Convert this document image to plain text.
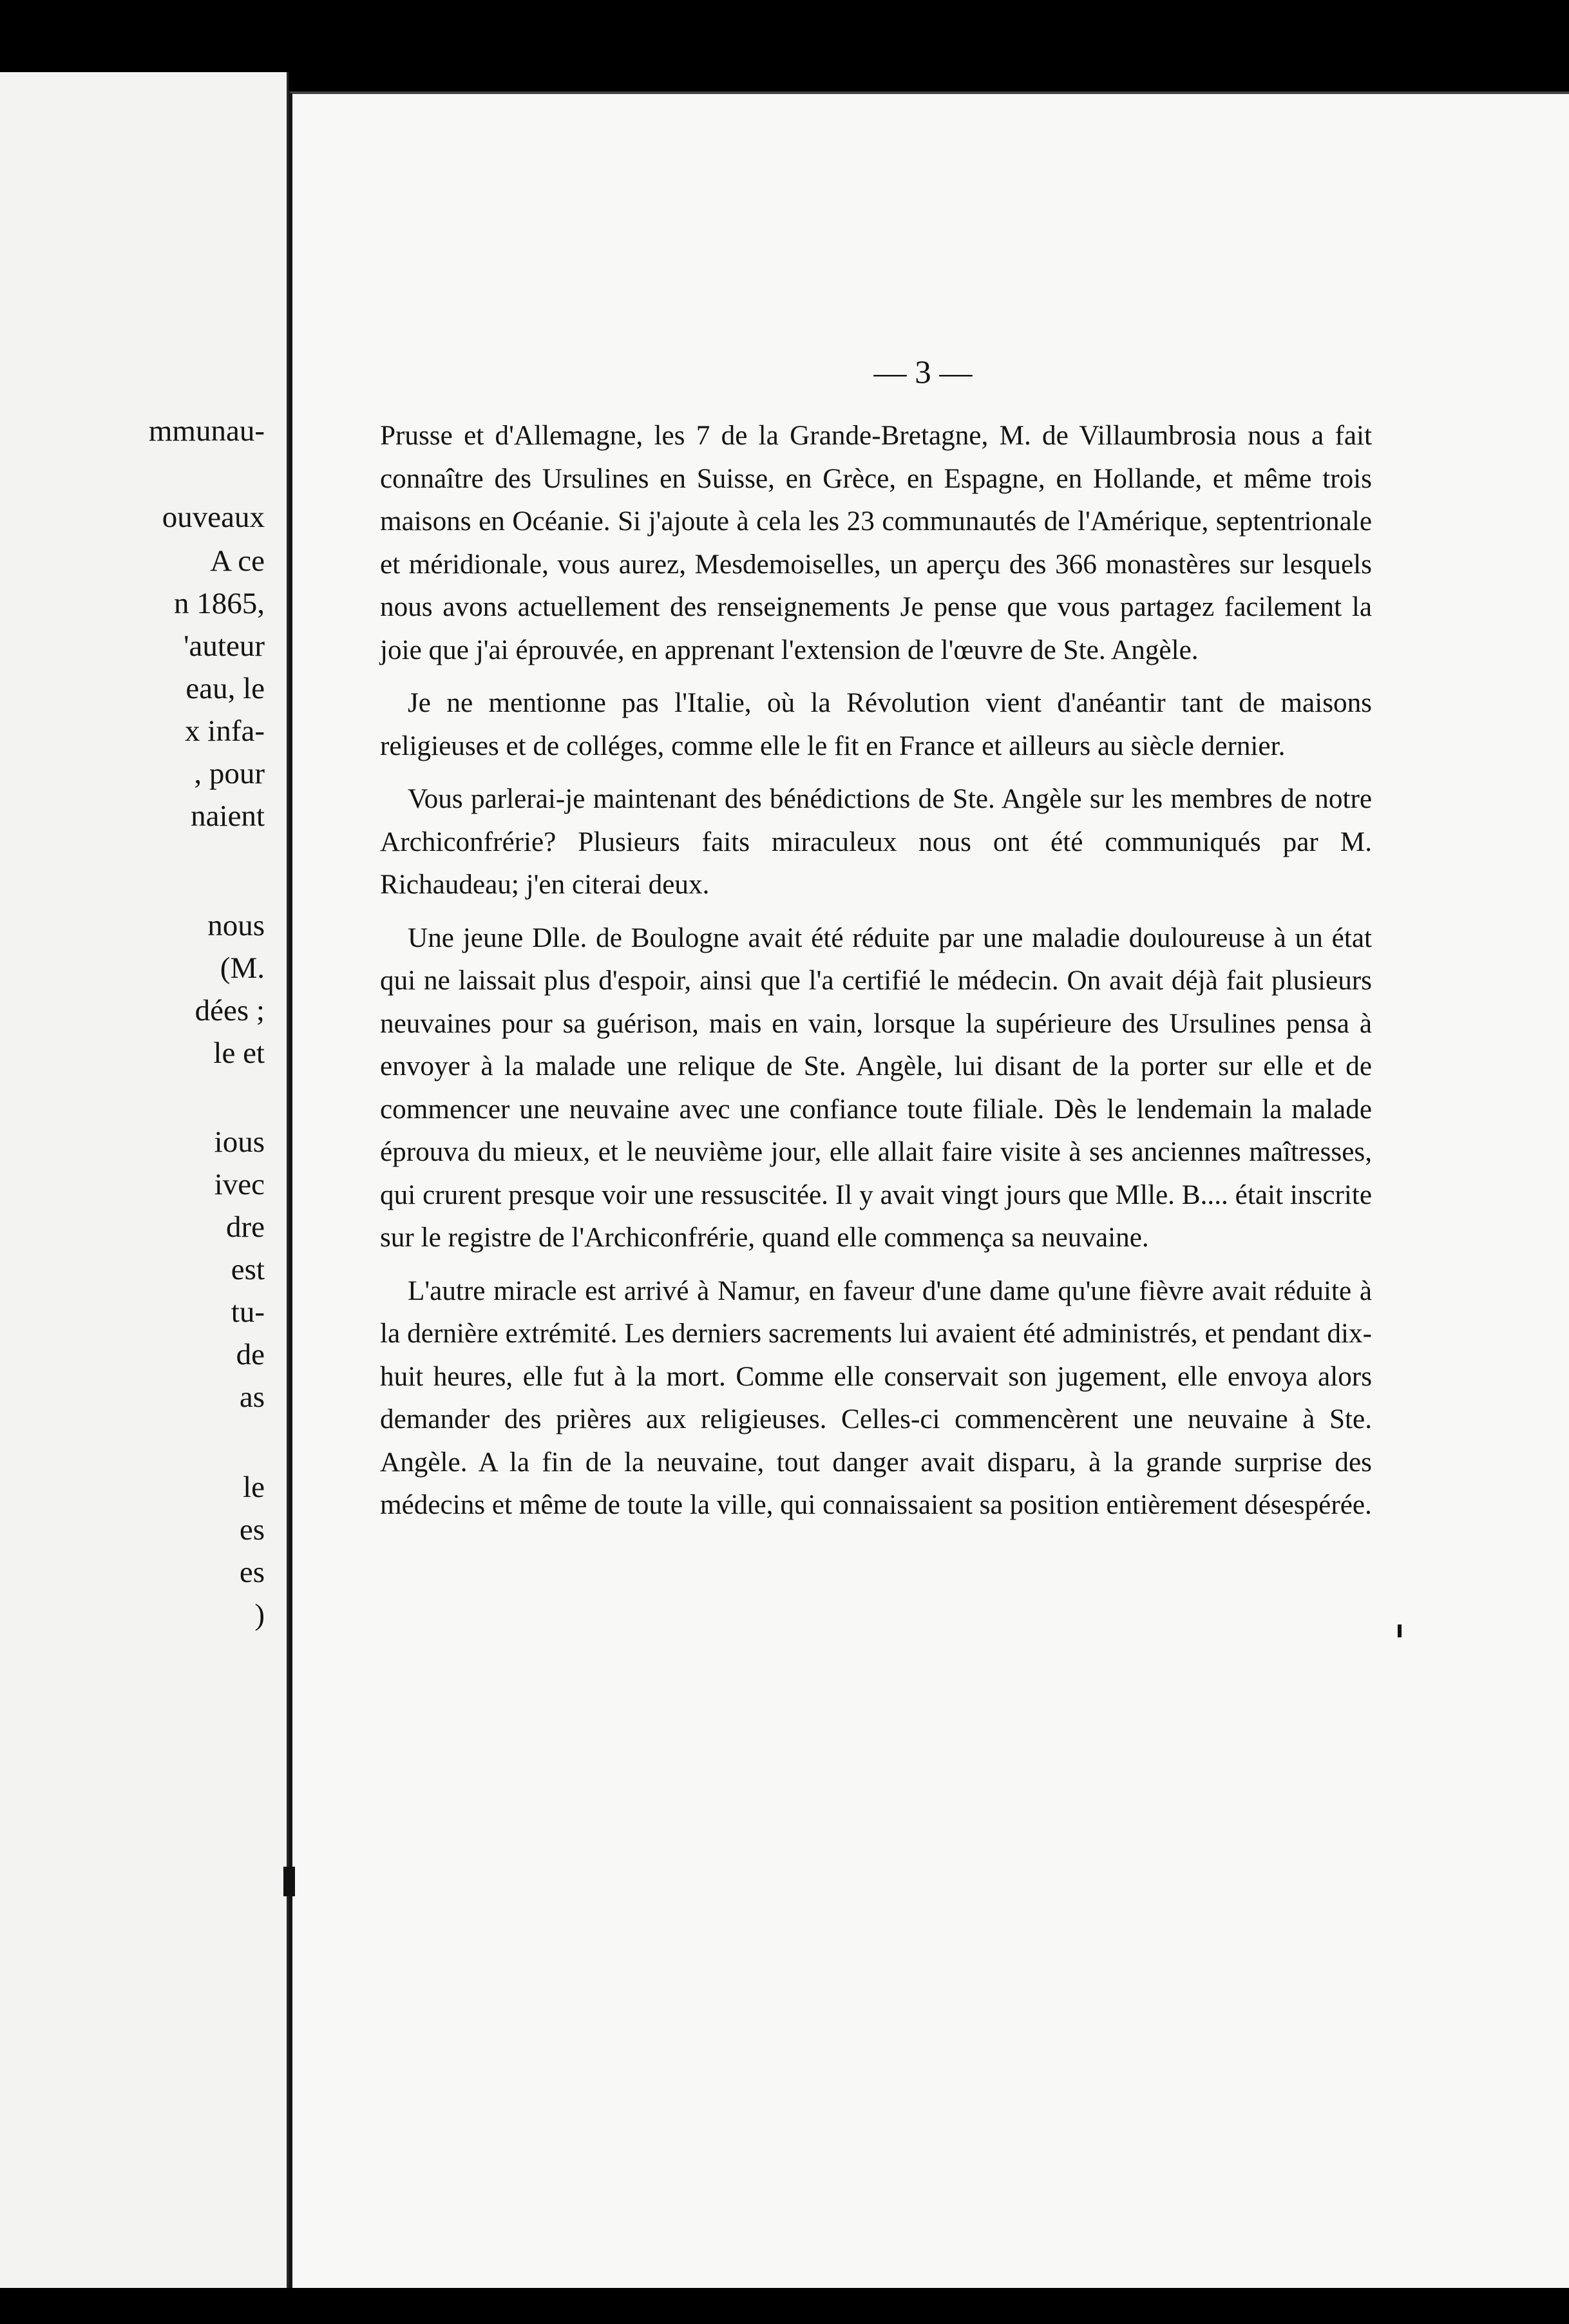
mmunau-

ouveaux

A ce

n 1865,

'auteur

eau, le

x infa-

, pour

naient

nous

(M.

dées ;

le et

ious

ivec

dre

est

tu-

de

as

le

es

es

)

— 3 —

Prusse et d'Allemagne, les 7 de la Grande-Bretagne, M. de Villaumbrosia nous a fait connaître des Ursulines en Suisse, en Grèce, en Espagne, en Hollande, et même trois maisons en Océanie. Si j'ajoute à cela les 23 communautés de l'Amérique, septentrionale et méridionale, vous aurez, Mesdemoiselles, un aperçu des 366 monastères sur lesquels nous avons actuellement des renseignements Je pense que vous partagez facilement la joie que j'ai éprouvée, en apprenant l'extension de l'œuvre de Ste. Angèle.

Je ne mentionne pas l'Italie, où la Révolution vient d'anéantir tant de maisons religieuses et de colléges, comme elle le fit en France et ailleurs au siècle dernier.

Vous parlerai-je maintenant des bénédictions de Ste. Angèle sur les membres de notre Archiconfrérie? Plusieurs faits miraculeux nous ont été communiqués par M. Richaudeau; j'en citerai deux.

Une jeune Dlle. de Boulogne avait été réduite par une maladie douloureuse à un état qui ne laissait plus d'espoir, ainsi que l'a certifié le médecin. On avait déjà fait plusieurs neuvaines pour sa guérison, mais en vain, lorsque la supérieure des Ursulines pensa à envoyer à la malade une relique de Ste. Angèle, lui disant de la porter sur elle et de commencer une neuvaine avec une confiance toute filiale. Dès le lendemain la malade éprouva du mieux, et le neuvième jour, elle allait faire visite à ses anciennes maîtresses, qui crurent presque voir une ressuscitée. Il y avait vingt jours que Mlle. B.... était inscrite sur le registre de l'Archiconfrérie, quand elle commença sa neuvaine.

L'autre miracle est arrivé à Namur, en faveur d'une dame qu'une fièvre avait réduite à la dernière extrémité. Les derniers sacrements lui avaient été administrés, et pendant dix-huit heures, elle fut à la mort. Comme elle conservait son jugement, elle envoya alors demander des prières aux religieuses. Celles-ci commencèrent une neuvaine à Ste. Angèle. A la fin de la neuvaine, tout danger avait disparu, à la grande surprise des médecins et même de toute la ville, qui connaissaient sa position entièrement désespérée.
